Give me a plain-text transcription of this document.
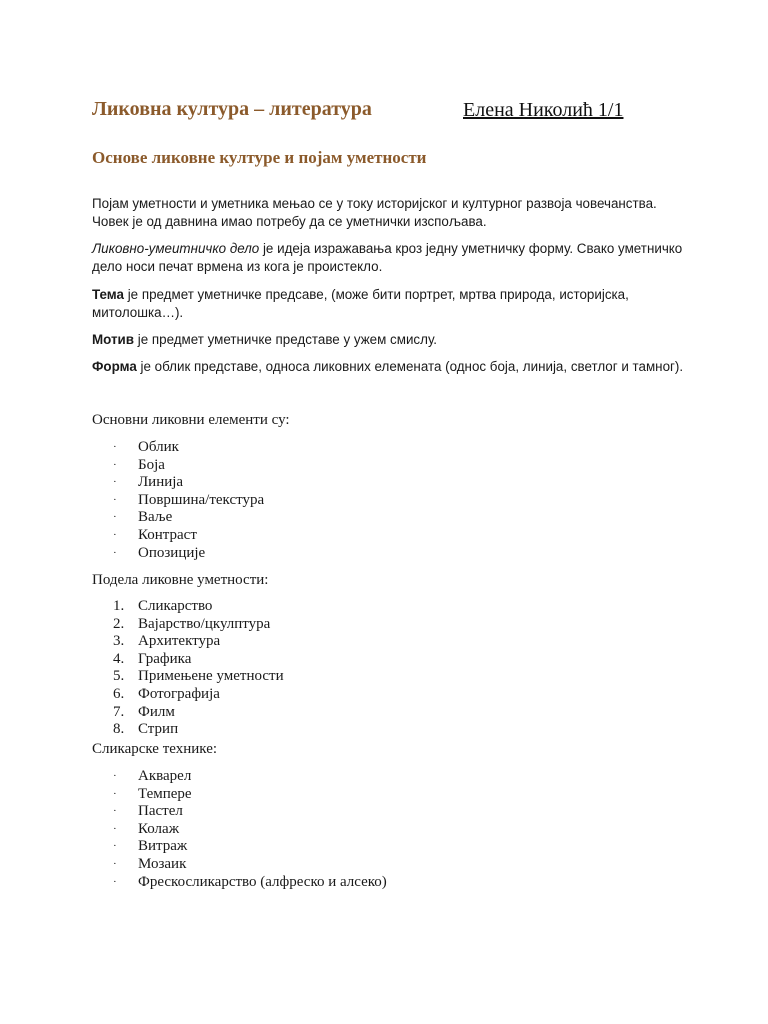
Ликовна култура – литература	Елена Николић 1/1
Основе ликовне културе и појам уметности

Појам уметности и уметника мењао се у току историјског и културног развоја човечанства. Човек је од давнина имао потребу да се уметнички изспољава.

Ликовно-умеитничко дело је идеја изражавања кроз једну уметничку форму. Свако уметничко дело носи печат врмена из кога је проистекло.

Тема је предмет уметничке предсаве, (може бити портрет, мртва природа, историјска, митолошка…).

Мотив је предмет уметничке представе у ужем смислу.

Форма је облик представе, односа ликовних елемената (однос боја, линија, светлог и тамног).

Основни ликовни елементи су:

· Облик
· Боја
· Линија
· Површина/текстура
· Ваље
· Контраст
· Опозиције

Подела ликовне уметности:

1. Сликарство
2. Вајарство/цкулптура
3. Архитектура
4. Графика
5. Примењене уметности
6. Фотографија
7. Филм
8. Стрип

Сликарске технике:

· Акварел
· Темпере
· Пастел
· Колаж
· Витраж
· Мозаик
· Фрескосликарство (алфреско и алсеко)
